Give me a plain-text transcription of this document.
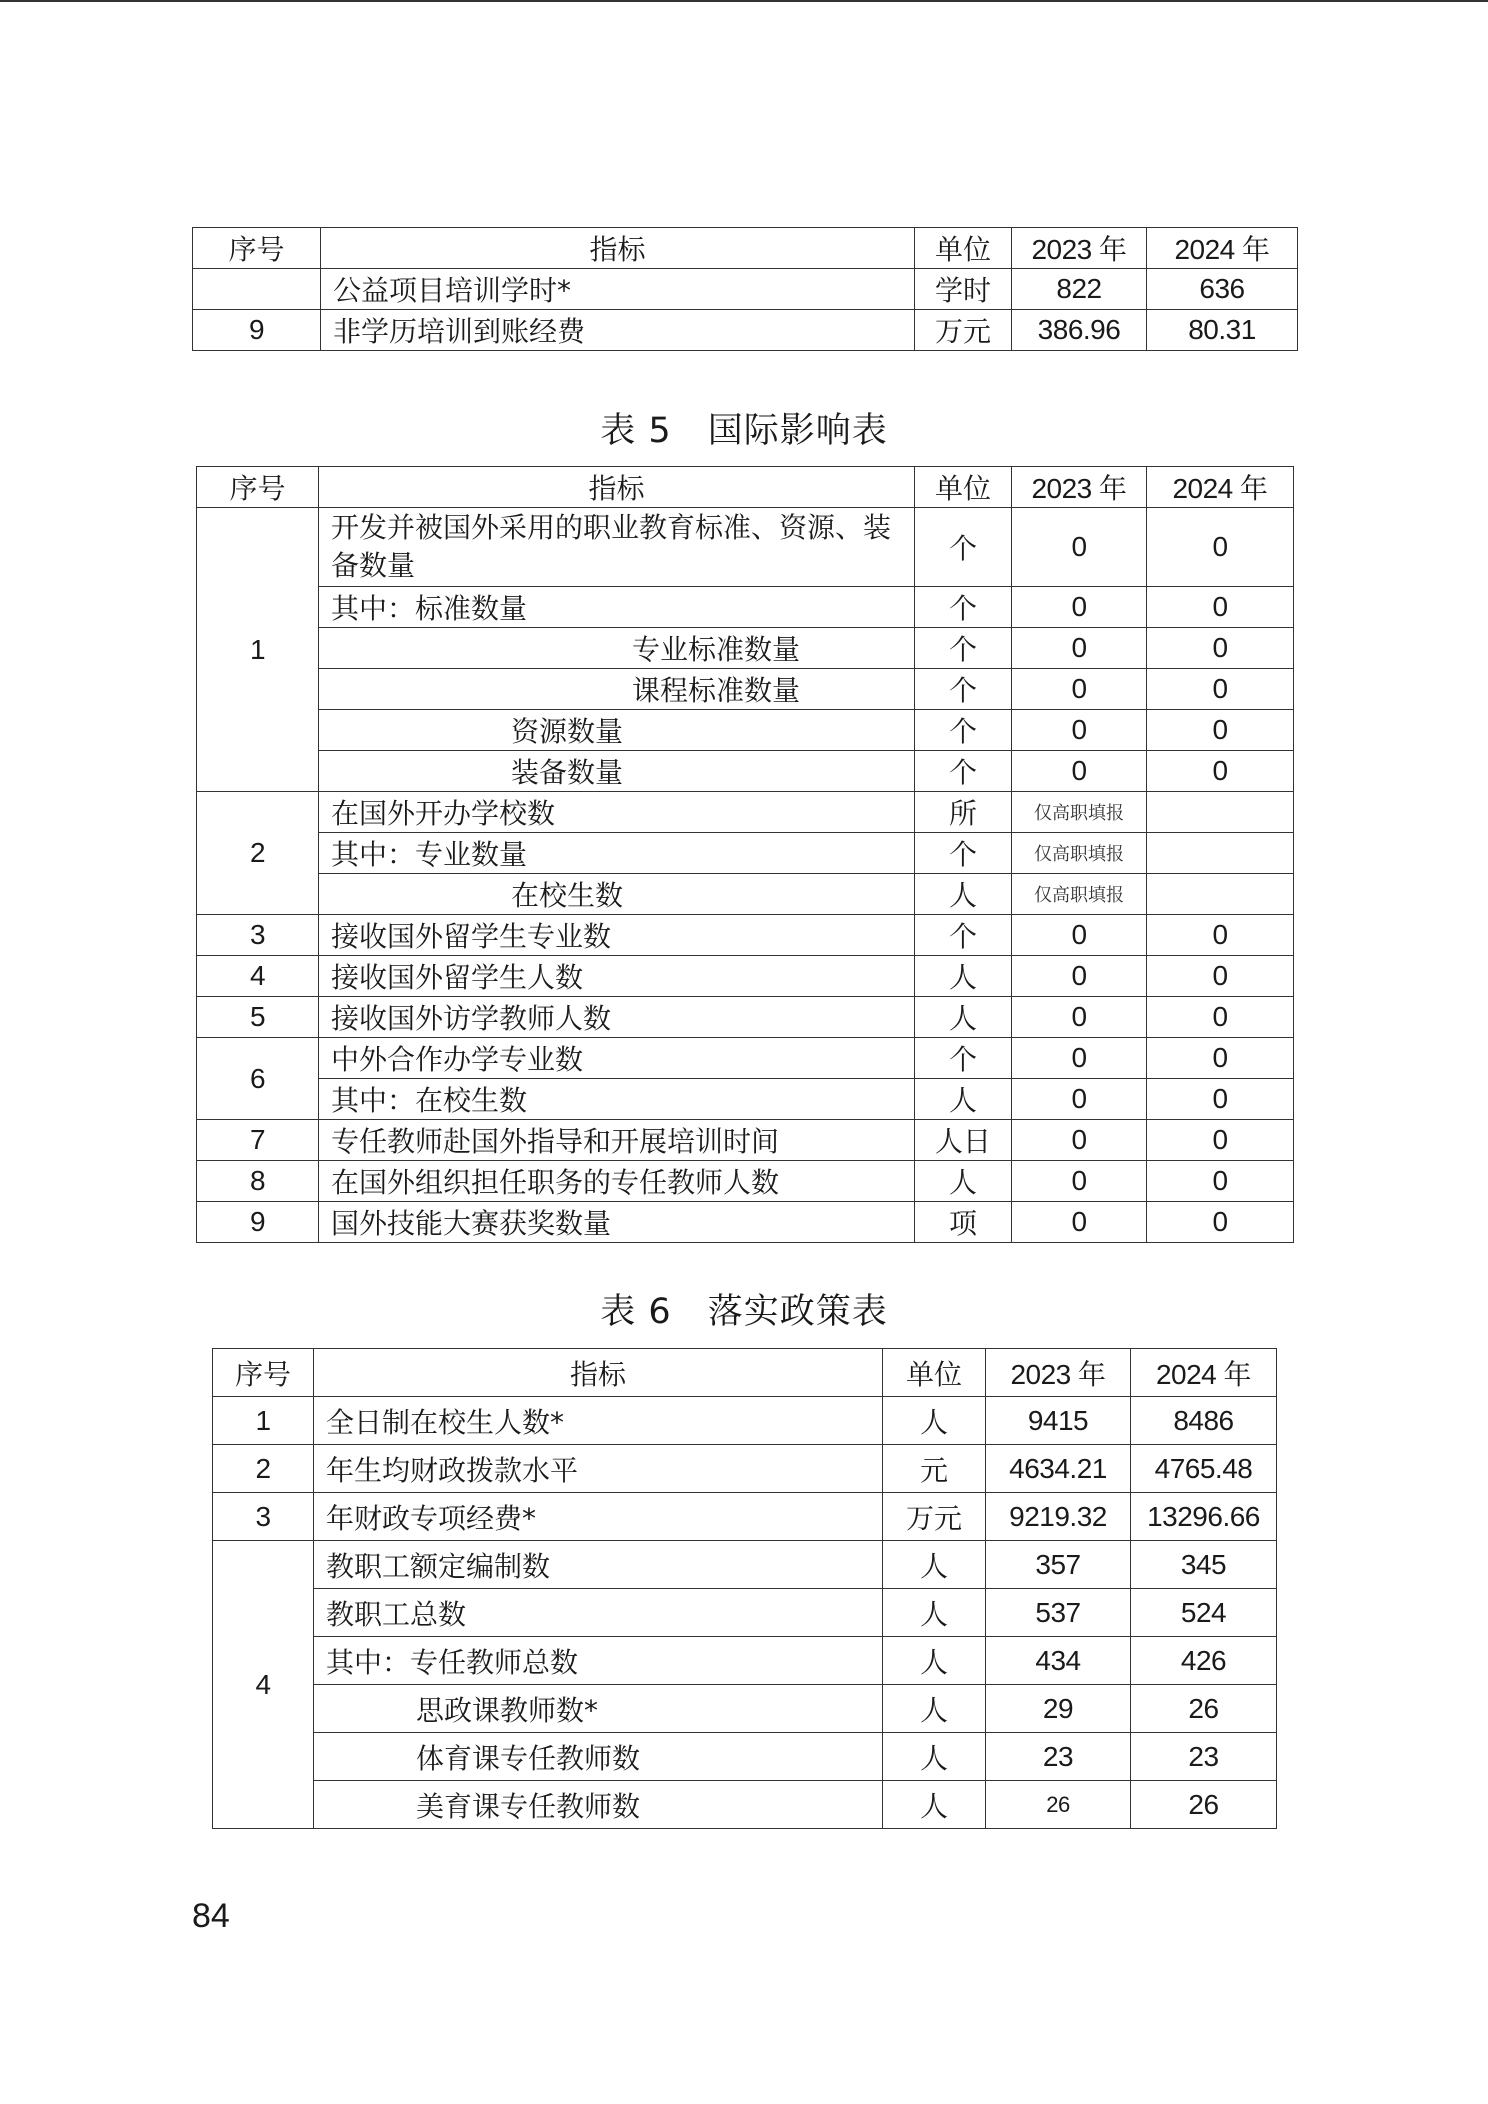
序号	指标	单位	2023 年	2024 年
	公益项目培训学时*	学时	822	636
9	非学历培训到账经费	万元	386.96	80.31
表 5　国际影响表
序号	指标	单位	2023 年	2024 年
1	开发并被国外采用的职业教育标准、资源、装备数量	个	0	0
	其中：标准数量	个	0	0
	专业标准数量	个	0	0
	课程标准数量	个	0	0
	资源数量	个	0	0
	装备数量	个	0	0
2	在国外开办学校数	所	仅高职填报	
	其中：专业数量	个	仅高职填报	
	在校生数	人	仅高职填报	
3	接收国外留学生专业数	个	0	0
4	接收国外留学生人数	人	0	0
5	接收国外访学教师人数	人	0	0
6	中外合作办学专业数	个	0	0
	其中：在校生数	人	0	0
7	专任教师赴国外指导和开展培训时间	人日	0	0
8	在国外组织担任职务的专任教师人数	人	0	0
9	国外技能大赛获奖数量	项	0	0
表 6　落实政策表
序号	指标	单位	2023 年	2024 年
1	全日制在校生人数*	人	9415	8486
2	年生均财政拨款水平	元	4634.21	4765.48
3	年财政专项经费*	万元	9219.32	13296.66
4	教职工额定编制数	人	357	345
	教职工总数	人	537	524
	其中：专任教师总数	人	434	426
	思政课教师数*	人	29	26
	体育课专任教师数	人	23	23
	美育课专任教师数	人	26	26
84
